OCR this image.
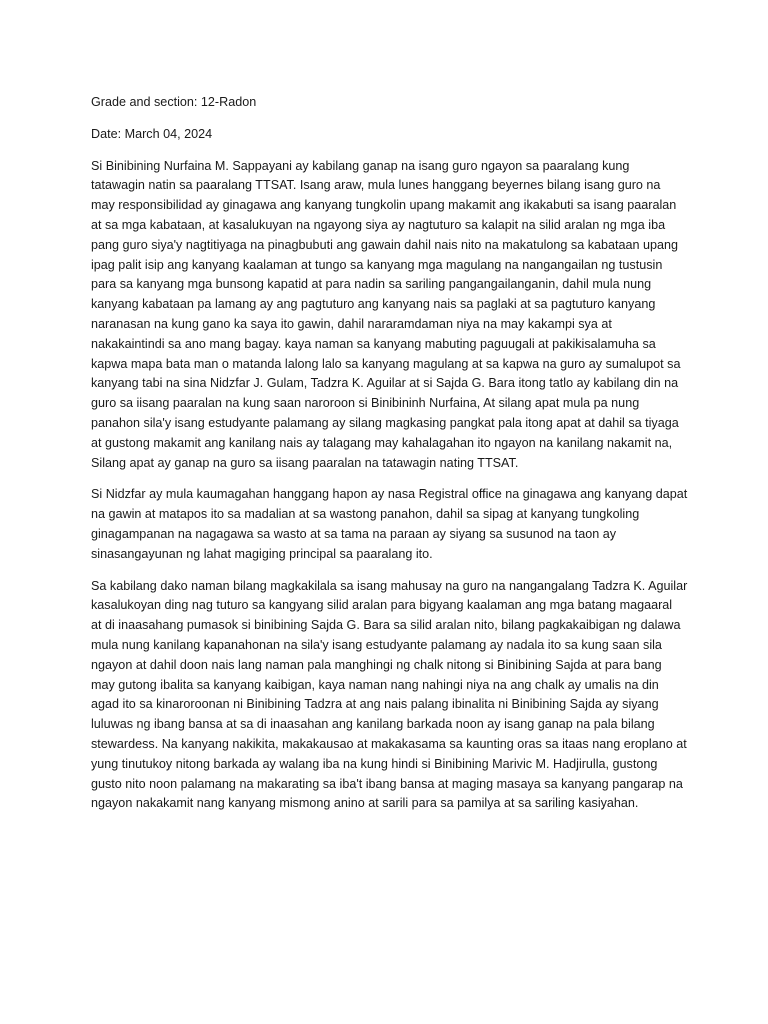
Grade and section: 12-Radon

Date: March 04, 2024

Si Binibining Nurfaina M. Sappayani ay kabilang ganap na isang guro ngayon sa paaralang kung
tatawagin natin sa paaralang TTSAT. Isang araw, mula lunes hanggang beyernes bilang isang guro na
may responsibilidad ay ginagawa ang kanyang tungkolin upang makamit ang ikakabuti sa isang paaralan
at sa mga kabataan, at kasalukuyan na ngayong siya ay nagtuturo sa kalapit na silid aralan ng mga iba
pang guro siya'y nagtitiyaga na pinagbubuti ang gawain dahil nais nito na makatulong sa kabataan upang
ipag palit isip ang kanyang kaalaman at tungo sa kanyang mga magulang na nangangailan ng tustusin
para sa kanyang mga bunsong kapatid at para nadin sa sariling pangangailanganin, dahil mula nung
kanyang kabataan pa lamang ay ang pagtuturo ang kanyang nais sa paglaki at sa pagtuturo kanyang
naranasan na kung gano ka saya ito gawin, dahil nararamdaman niya na may kakampi sya at
nakakaintindi sa ano mang bagay. kaya naman sa kanyang mabuting paguugali at pakikisalamuha sa
kapwa mapa bata man o matanda lalong lalo sa kanyang magulang at sa kapwa na guro ay sumalupot sa
kanyang tabi na sina Nidzfar J. Gulam, Tadzra K. Aguilar at si Sajda G. Bara itong tatlo ay kabilang din na
guro sa iisang paaralan na kung saan naroroon si Binibininh Nurfaina, At silang apat mula pa nung
panahon sila'y isang estudyante palamang ay silang magkasing pangkat pala itong apat at dahil sa tiyaga
at gustong makamit ang kanilang nais ay talagang may kahalagahan ito ngayon na kanilang nakamit na,
Silang apat ay ganap na guro sa iisang paaralan na tatawagin nating TTSAT.
Si Nidzfar ay mula kaumagahan hanggang hapon ay nasa Registral office na ginagawa ang kanyang dapat
na gawin at matapos ito sa madalian at sa wastong panahon, dahil sa sipag at kanyang tungkoling
ginagampanan na nagagawa sa wasto at sa tama na paraan ay siyang sa susunod na taon ay
sinasangayunan ng lahat magiging principal sa paaralang ito.
Sa kabilang dako naman bilang magkakilala sa isang mahusay na guro na nangangalang Tadzra K. Aguilar
kasalukoyan ding nag tuturo sa kangyang silid aralan para bigyang kaalaman ang mga batang magaaral
at di inaasahang pumasok si binibining Sajda G. Bara sa silid aralan nito, bilang pagkakaibigan ng dalawa
mula nung kanilang kapanahonan na sila'y isang estudyante palamang ay nadala ito sa kung saan sila
ngayon at dahil doon nais lang naman pala manghingi ng chalk nitong si Binibining Sajda at para bang
may gutong ibalita sa kanyang kaibigan, kaya naman nang nahingi niya na ang chalk ay umalis na din
agad ito sa kinaroroonan ni Binibining Tadzra at ang nais palang ibinalita ni Binibining Sajda ay siyang
luluwas ng ibang bansa at sa di inaasahan ang kanilang barkada noon ay isang ganap na pala bilang
stewardess. Na kanyang nakikita, makakausao at makakasama sa kaunting oras sa itaas nang eroplano at
yung tinutukoy nitong barkada ay walang iba na kung hindi si Binibining Marivic M. Hadjirulla, gustong
gusto nito noon palamang na makarating sa iba't ibang bansa at maging masaya sa kanyang pangarap na
ngayon nakakamit nang kanyang mismong anino at sarili para sa pamilya at sa sariling kasiyahan.
